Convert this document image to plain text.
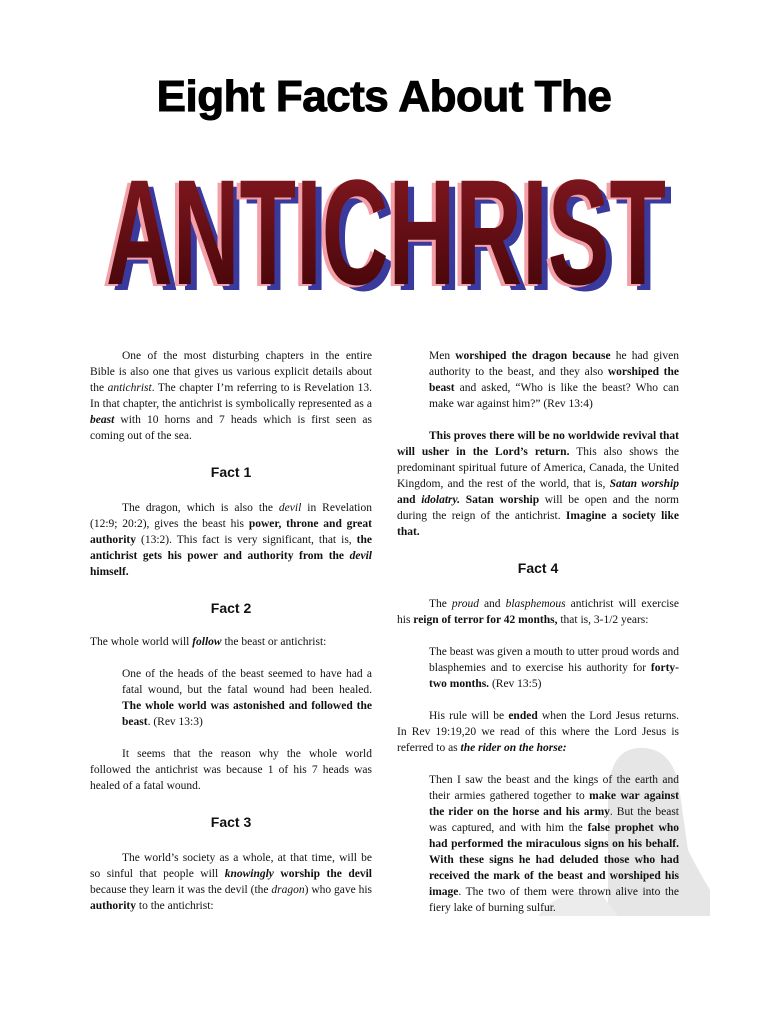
Eight Facts About The
ANTICHRIST
ANTICHRIST
ANTICHRIST

One of the most disturbing chapters in the entire Bible is also one that gives us various explicit details about the antichrist. The chapter I’m referring to is Revelation 13. In that chapter, the antichrist is symbolically represented as a beast with 10 horns and 7 heads which is first seen as coming out of the sea.

Fact 1

The dragon, which is also the devil in Revelation (12:9; 20:2), gives the beast his power, throne and great authority (13:2). This fact is very significant, that is, the antichrist gets his power and authority from the devil himself.

Fact 2

The whole world will follow the beast or antichrist:

One of the heads of the beast seemed to have had a fatal wound, but the fatal wound had been healed. The whole world was astonished and followed the beast. (Rev 13:3)

It seems that the reason why the whole world followed the antichrist was because 1 of his 7 heads was healed of a fatal wound.

Fact 3

The world’s society as a whole, at that time, will be so sinful that people will knowingly worship the devil because they learn it was the devil (the dragon) who gave his authority to the antichrist:

Men worshiped the dragon because he had given authority to the beast, and they also worshiped the beast and asked, “Who is like the beast? Who can make war against him?” (Rev 13:4)

This proves there will be no worldwide revival that will usher in the Lord’s return. This also shows the predominant spiritual future of America, Canada, the United Kingdom, and the rest of the world, that is, Satan worship and idolatry. Satan worship will be open and the norm during the reign of the antichrist. Imagine a society like that.

Fact 4

The proud and blasphemous antichrist will exercise his reign of terror for 42 months, that is, 3-1/2 years:

The beast was given a mouth to utter proud words and blasphemies and to exercise his authority for forty-two months. (Rev 13:5)

His rule will be ended when the Lord Jesus returns. In Rev 19:19,20 we read of this where the Lord Jesus is referred to as the rider on the horse:

Then I saw the beast and the kings of the earth and their armies gathered together to make war against the rider on the horse and his army. But the beast was captured, and with him the false prophet who had performed the miraculous signs on his behalf. With these signs he had deluded those who had received the mark of the beast and worshiped his image. The two of them were thrown alive into the fiery lake of burning sulfur.
